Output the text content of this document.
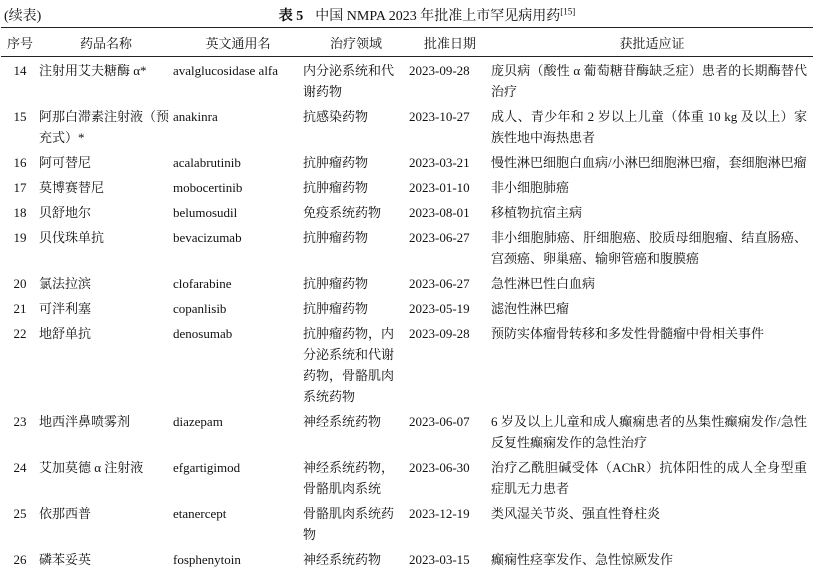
(续表)	表 5 中国 NMPA 2023 年批准上市罕见病用药[15]
序号	药品名称	英文通用名	治疗领域	批准日期	获批适应证
14	注射用艾夫糖酶 α*	avalglucosidase alfa	内分泌系统和代谢药物	2023-09-28	庞贝病（酸性 α 葡萄糖苷酶缺乏症）患者的长期酶替代治疗
15	阿那白滞素注射液（预充式）*	anakinra	抗感染药物	2023-10-27	成人、青少年和 2 岁以上儿童（体重 10 kg 及以上）家族性地中海热患者
16	阿可替尼	acalabrutinib	抗肿瘤药物	2023-03-21	慢性淋巴细胞白血病/小淋巴细胞淋巴瘤，套细胞淋巴瘤
17	莫博赛替尼	mobocertinib	抗肿瘤药物	2023-01-10	非小细胞肺癌
18	贝舒地尔	belumosudil	免疫系统药物	2023-08-01	移植物抗宿主病
19	贝伐珠单抗	bevacizumab	抗肿瘤药物	2023-06-27	非小细胞肺癌、肝细胞癌、胶质母细胞瘤、结直肠癌、宫颈癌、卵巢癌、输卵管癌和腹膜癌
20	氯法拉滨	clofarabine	抗肿瘤药物	2023-06-27	急性淋巴性白血病
21	可泮利塞	copanlisib	抗肿瘤药物	2023-05-19	滤泡性淋巴瘤
22	地舒单抗	denosumab	抗肿瘤药物，内分泌系统和代谢药物，骨骼肌肉系统药物	2023-09-28	预防实体瘤骨转移和多发性骨髓瘤中骨相关事件
23	地西泮鼻喷雾剂	diazepam	神经系统药物	2023-06-07	6 岁及以上儿童和成人癫痫患者的丛集性癫痫发作/急性反复性癫痫发作的急性治疗
24	艾加莫德 α 注射液	efgartigimod	神经系统药物，骨骼肌肉系统	2023-06-30	治疗乙酰胆碱受体（AChR）抗体阳性的成人全身型重症肌无力患者
25	依那西普	etanercept	骨骼肌肉系统药物	2023-12-19	类风湿关节炎、强直性脊柱炎
26	磷苯妥英	fosphenytoin	神经系统药物	2023-03-15	癫痫性痉挛发作、急性惊厥发作
